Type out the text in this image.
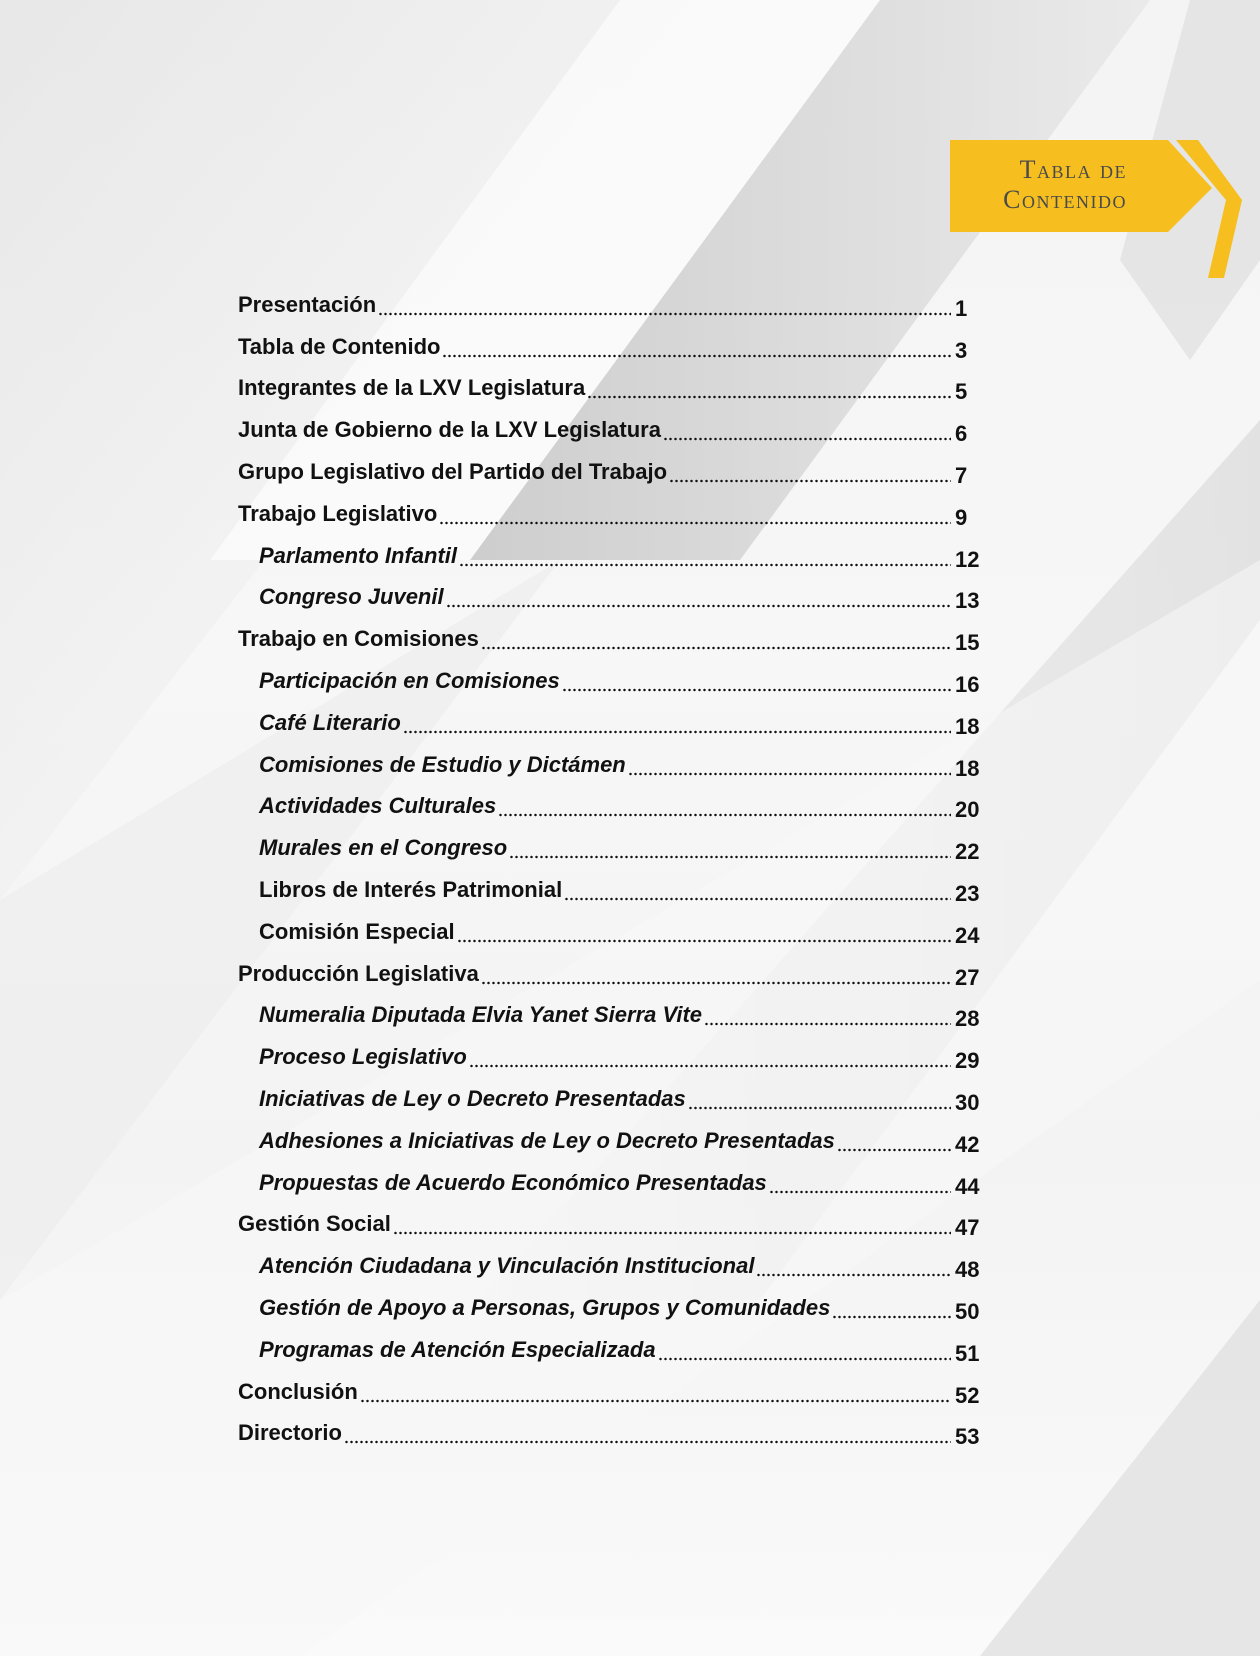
Tabla de
Contenido
Presentación	1
Tabla de Contenido	3
Integrantes de la LXV Legislatura	5
Junta de Gobierno de la LXV Legislatura	6
Grupo Legislativo del Partido del Trabajo	7
Trabajo Legislativo	9
Parlamento Infantil	12
Congreso Juvenil	13
Trabajo en Comisiones	15
Participación en Comisiones	16
Café Literario	18
Comisiones de Estudio y Dictámen	18
Actividades Culturales	20
Murales en el Congreso	22
Libros de Interés Patrimonial	23
Comisión Especial	24
Producción Legislativa	27
Numeralia Diputada Elvia Yanet Sierra Vite	28
Proceso Legislativo	29
Iniciativas de Ley o Decreto Presentadas	30
Adhesiones a Iniciativas de Ley o Decreto Presentadas	42
Propuestas de Acuerdo Económico Presentadas	44
Gestión Social	47
Atención Ciudadana y Vinculación Institucional	48
Gestión de Apoyo a Personas, Grupos y Comunidades	50
Programas de Atención Especializada	51
Conclusión	52
Directorio	53
